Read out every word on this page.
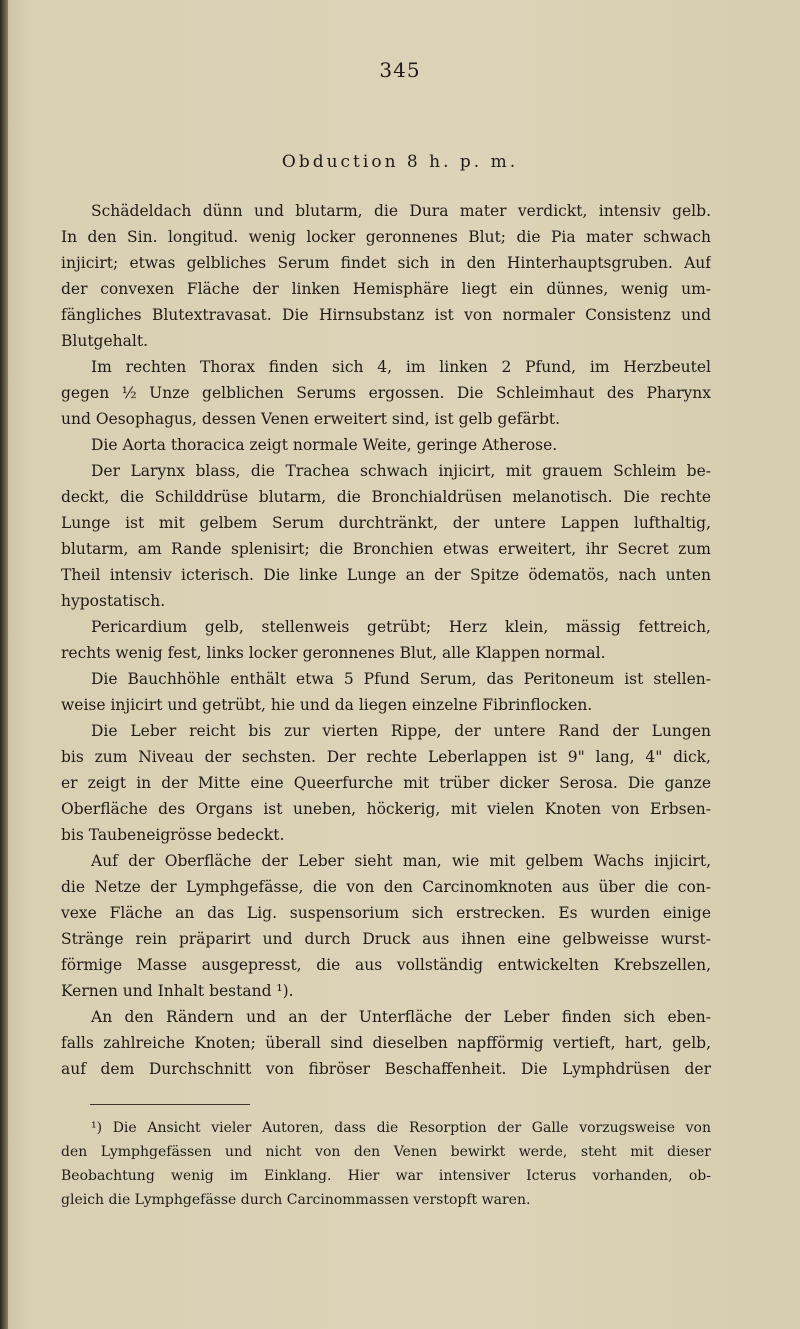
345
Obduction 8 h. p. m.
Schädeldach dünn und blutarm, die Dura mater verdickt, intensiv gelb.
In den Sin. longitud. wenig locker geronnenes Blut; die Pia mater schwach
injicirt; etwas gelbliches Serum findet sich in den Hinterhauptsgruben. Auf
der convexen Fläche der linken Hemisphäre liegt ein dünnes, wenig um-
fängliches Blutextravasat. Die Hirnsubstanz ist von normaler Consistenz und
Blutgehalt.
Im rechten Thorax finden sich 4, im linken 2 Pfund, im Herzbeutel
gegen ½ Unze gelblichen Serums ergossen. Die Schleimhaut des Pharynx
und Oesophagus, dessen Venen erweitert sind, ist gelb gefärbt.
Die Aorta thoracica zeigt normale Weite, geringe Atherose.
Der Larynx blass, die Trachea schwach injicirt, mit grauem Schleim be-
deckt, die Schilddrüse blutarm, die Bronchialdrüsen melanotisch. Die rechte
Lunge ist mit gelbem Serum durchtränkt, der untere Lappen lufthaltig,
blutarm, am Rande splenisirt; die Bronchien etwas erweitert, ihr Secret zum
Theil intensiv icterisch. Die linke Lunge an der Spitze ödematös, nach unten
hypostatisch.
Pericardium gelb, stellenweis getrübt; Herz klein, mässig fettreich,
rechts wenig fest, links locker geronnenes Blut, alle Klappen normal.
Die Bauchhöhle enthält etwa 5 Pfund Serum, das Peritoneum ist stellen-
weise injicirt und getrübt, hie und da liegen einzelne Fibrinflocken.
Die Leber reicht bis zur vierten Rippe, der untere Rand der Lungen
bis zum Niveau der sechsten. Der rechte Leberlappen ist 9" lang, 4" dick,
er zeigt in der Mitte eine Queerfurche mit trüber dicker Serosa. Die ganze
Oberfläche des Organs ist uneben, höckerig, mit vielen Knoten von Erbsen-
bis Taubeneigrösse bedeckt.
Auf der Oberfläche der Leber sieht man, wie mit gelbem Wachs injicirt,
die Netze der Lymphgefässe, die von den Carcinomknoten aus über die con-
vexe Fläche an das Lig. suspensorium sich erstrecken. Es wurden einige
Stränge rein präparirt und durch Druck aus ihnen eine gelbweisse wurst-
förmige Masse ausgepresst, die aus vollständig entwickelten Krebszellen,
Kernen und Inhalt bestand ¹).
An den Rändern und an der Unterfläche der Leber finden sich eben-
falls zahlreiche Knoten; überall sind dieselben napfförmig vertieft, hart, gelb,
auf dem Durchschnitt von fibröser Beschaffenheit. Die Lymphdrüsen der
¹) Die Ansicht vieler Autoren, dass die Resorption der Galle vorzugsweise von
den Lymphgefässen und nicht von den Venen bewirkt werde, steht mit dieser
Beobachtung wenig im Einklang. Hier war intensiver Icterus vorhanden, ob-
gleich die Lymphgefässe durch Carcinommassen verstopft waren.
